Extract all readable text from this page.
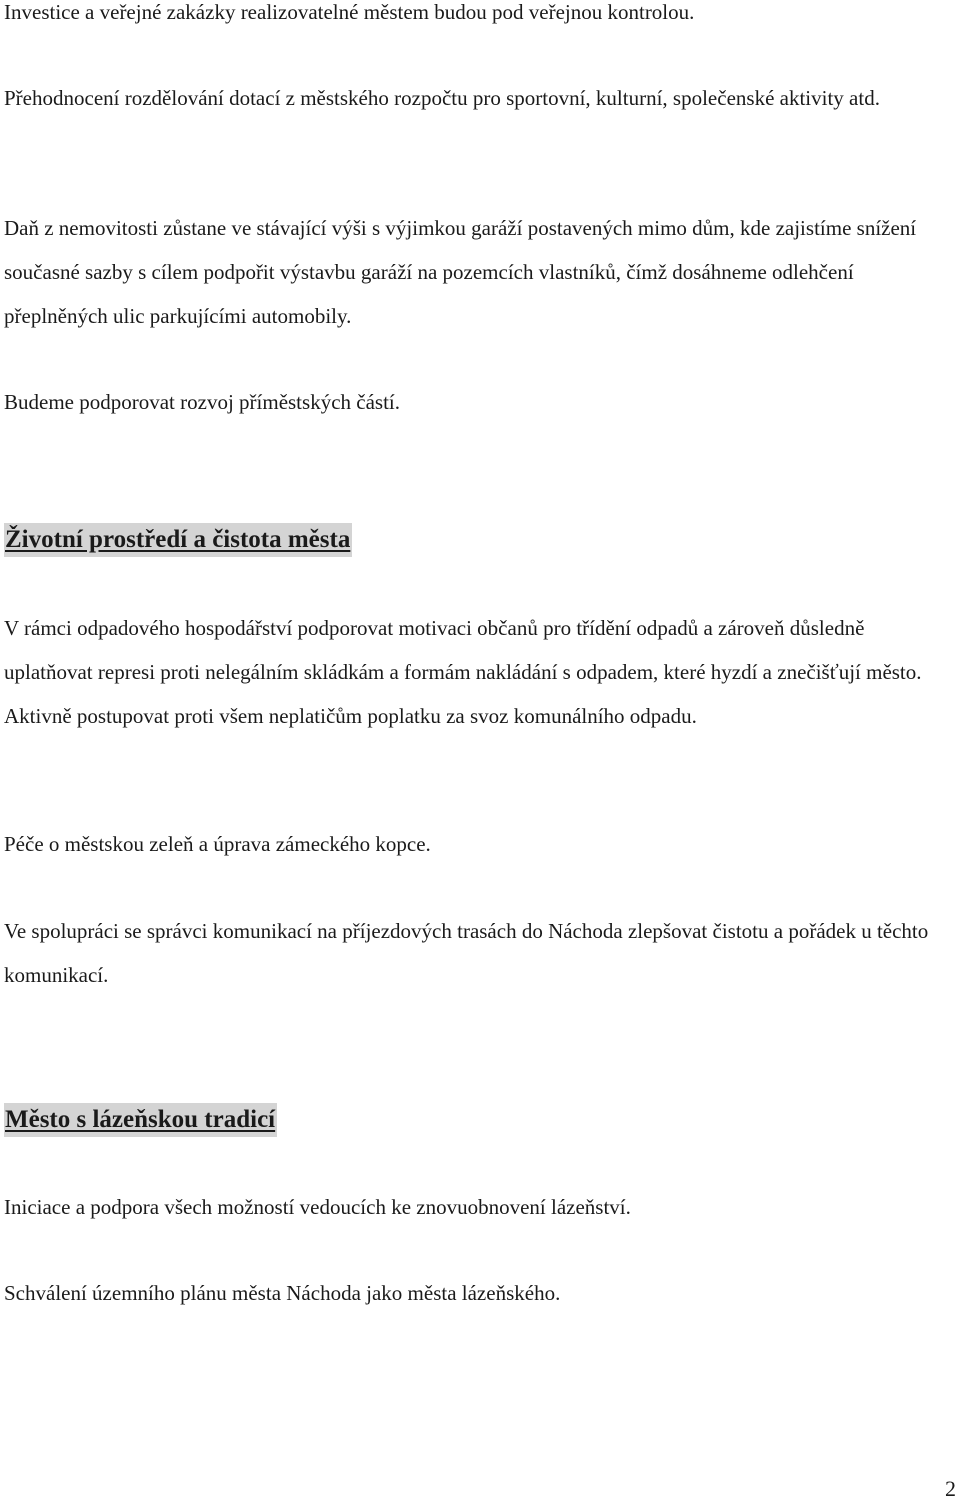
Investice a veřejné zakázky realizovatelné městem budou pod veřejnou kontrolou.

Přehodnocení rozdělování dotací z městského rozpočtu pro sportovní, kulturní, společenské aktivity atd.

Daň z nemovitosti zůstane ve stávající výši s výjimkou garáží postavených mimo dům, kde zajistíme snížení současné sazby s cílem podpořit výstavbu garáží na pozemcích vlastníků, čímž dosáhneme odlehčení přeplněných ulic parkujícími automobily.

Budeme podporovat rozvoj příměstských částí.

Životní prostředí a čistota města

V rámci odpadového hospodářství podporovat motivaci občanů pro třídění odpadů a zároveň důsledně uplatňovat represi proti nelegálním skládkám a formám nakládání s odpadem, které hyzdí a znečišťují město. Aktivně postupovat proti všem neplatičům poplatku za svoz komunálního odpadu.

Péče o městskou zeleň a úprava zámeckého kopce.

Ve spolupráci se správci komunikací na příjezdových trasách do Náchoda zlepšovat čistotu a pořádek u těchto komunikací.

Město s lázeňskou tradicí

Iniciace a podpora všech možností vedoucích ke znovuobnovení lázeňství.

Schválení územního plánu města Náchoda jako města lázeňského.

2
